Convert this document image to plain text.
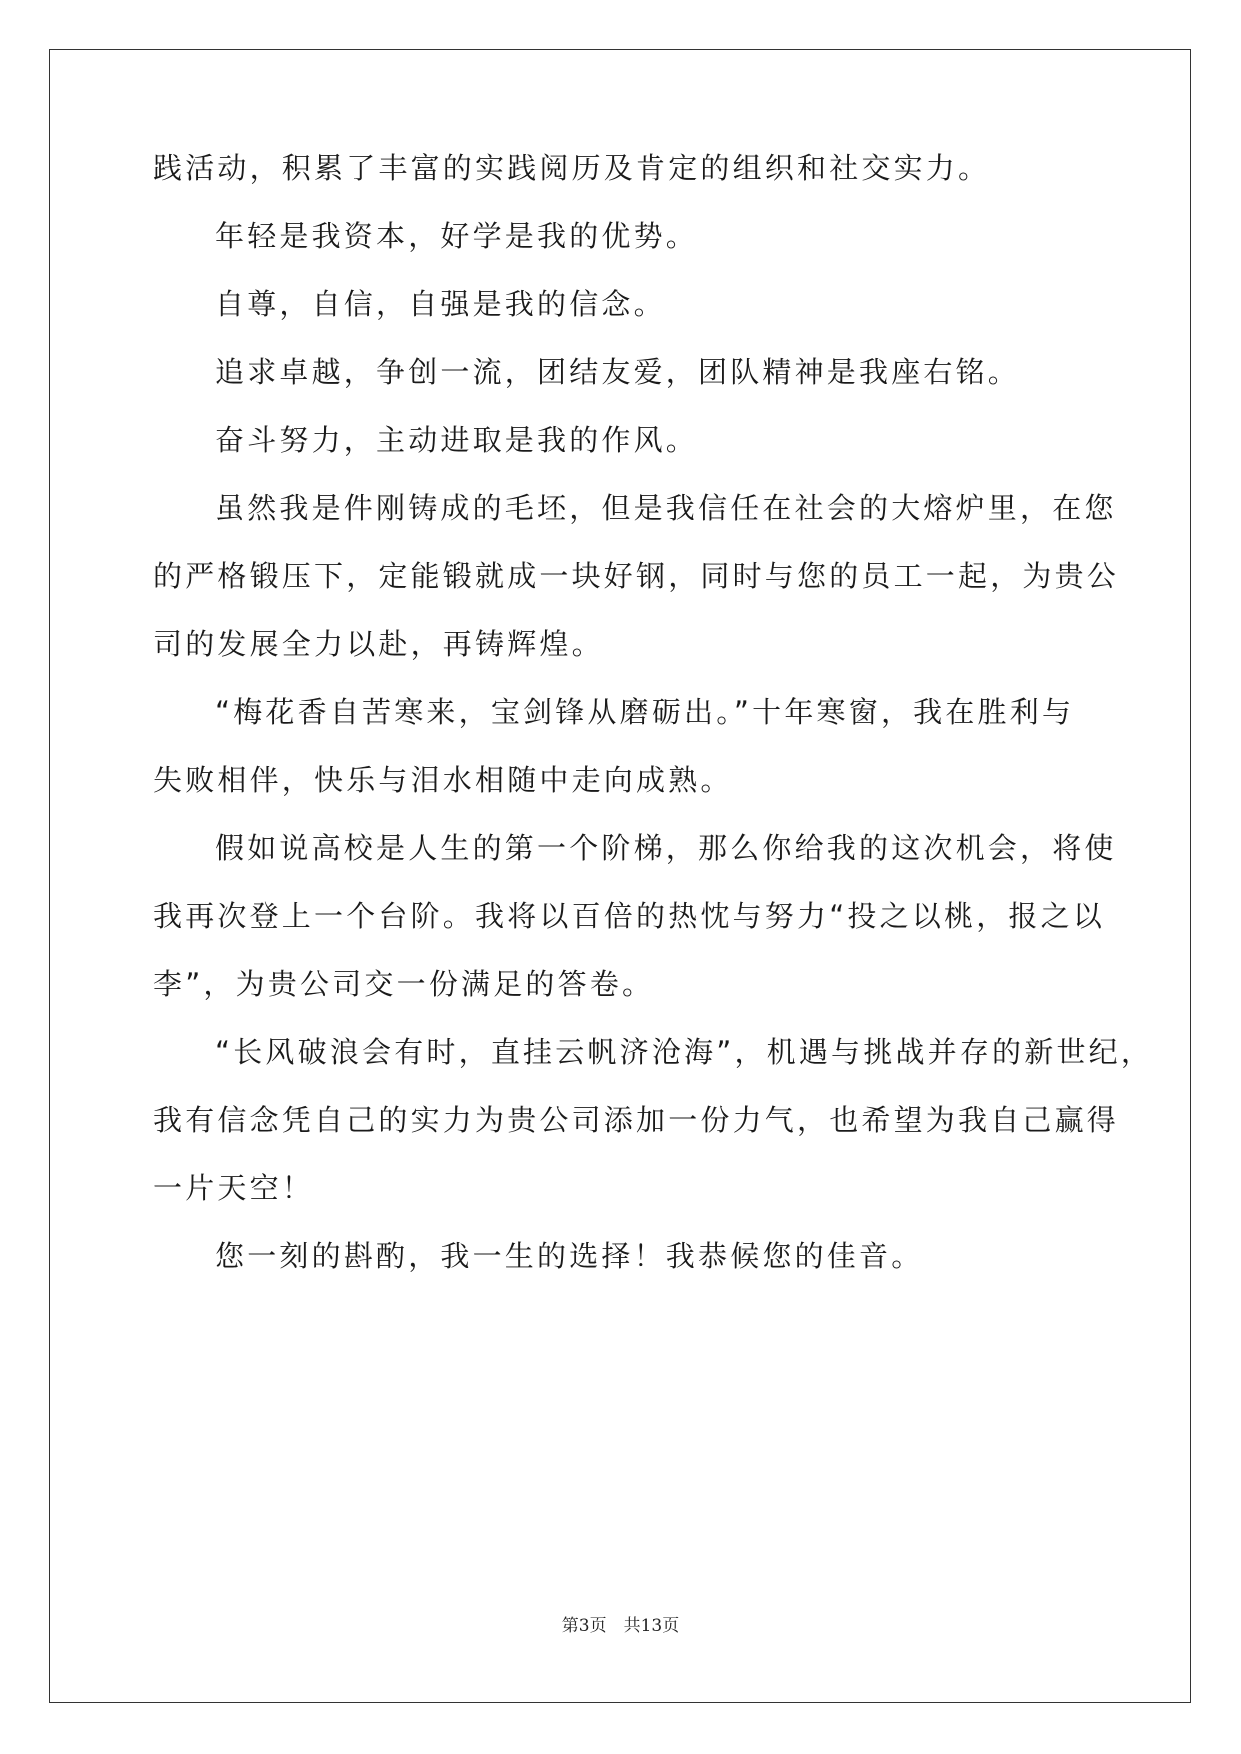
践活动，积累了丰富的实践阅历及肯定的组织和社交实力。
年轻是我资本，好学是我的优势。
自尊，自信，自强是我的信念。
追求卓越，争创一流，团结友爱，团队精神是我座右铭。
奋斗努力，主动进取是我的作风。
虽然我是件刚铸成的毛坯，但是我信任在社会的大熔炉里，在您
的严格锻压下，定能锻就成一块好钢，同时与您的员工一起，为贵公
司的发展全力以赴，再铸辉煌。
“梅花香自苦寒来，宝剑锋从磨砺出。”十年寒窗，我在胜利与
失败相伴，快乐与泪水相随中走向成熟。
假如说高校是人生的第一个阶梯，那么你给我的这次机会，将使
我再次登上一个台阶。我将以百倍的热忱与努力“投之以桃，报之以
李”，为贵公司交一份满足的答卷。
“长风破浪会有时，直挂云帆济沧海”，机遇与挑战并存的新世纪，
我有信念凭自己的实力为贵公司添加一份力气，也希望为我自己赢得
一片天空！
您一刻的斟酌，我一生的选择！我恭候您的佳音。
第3页　共13页
